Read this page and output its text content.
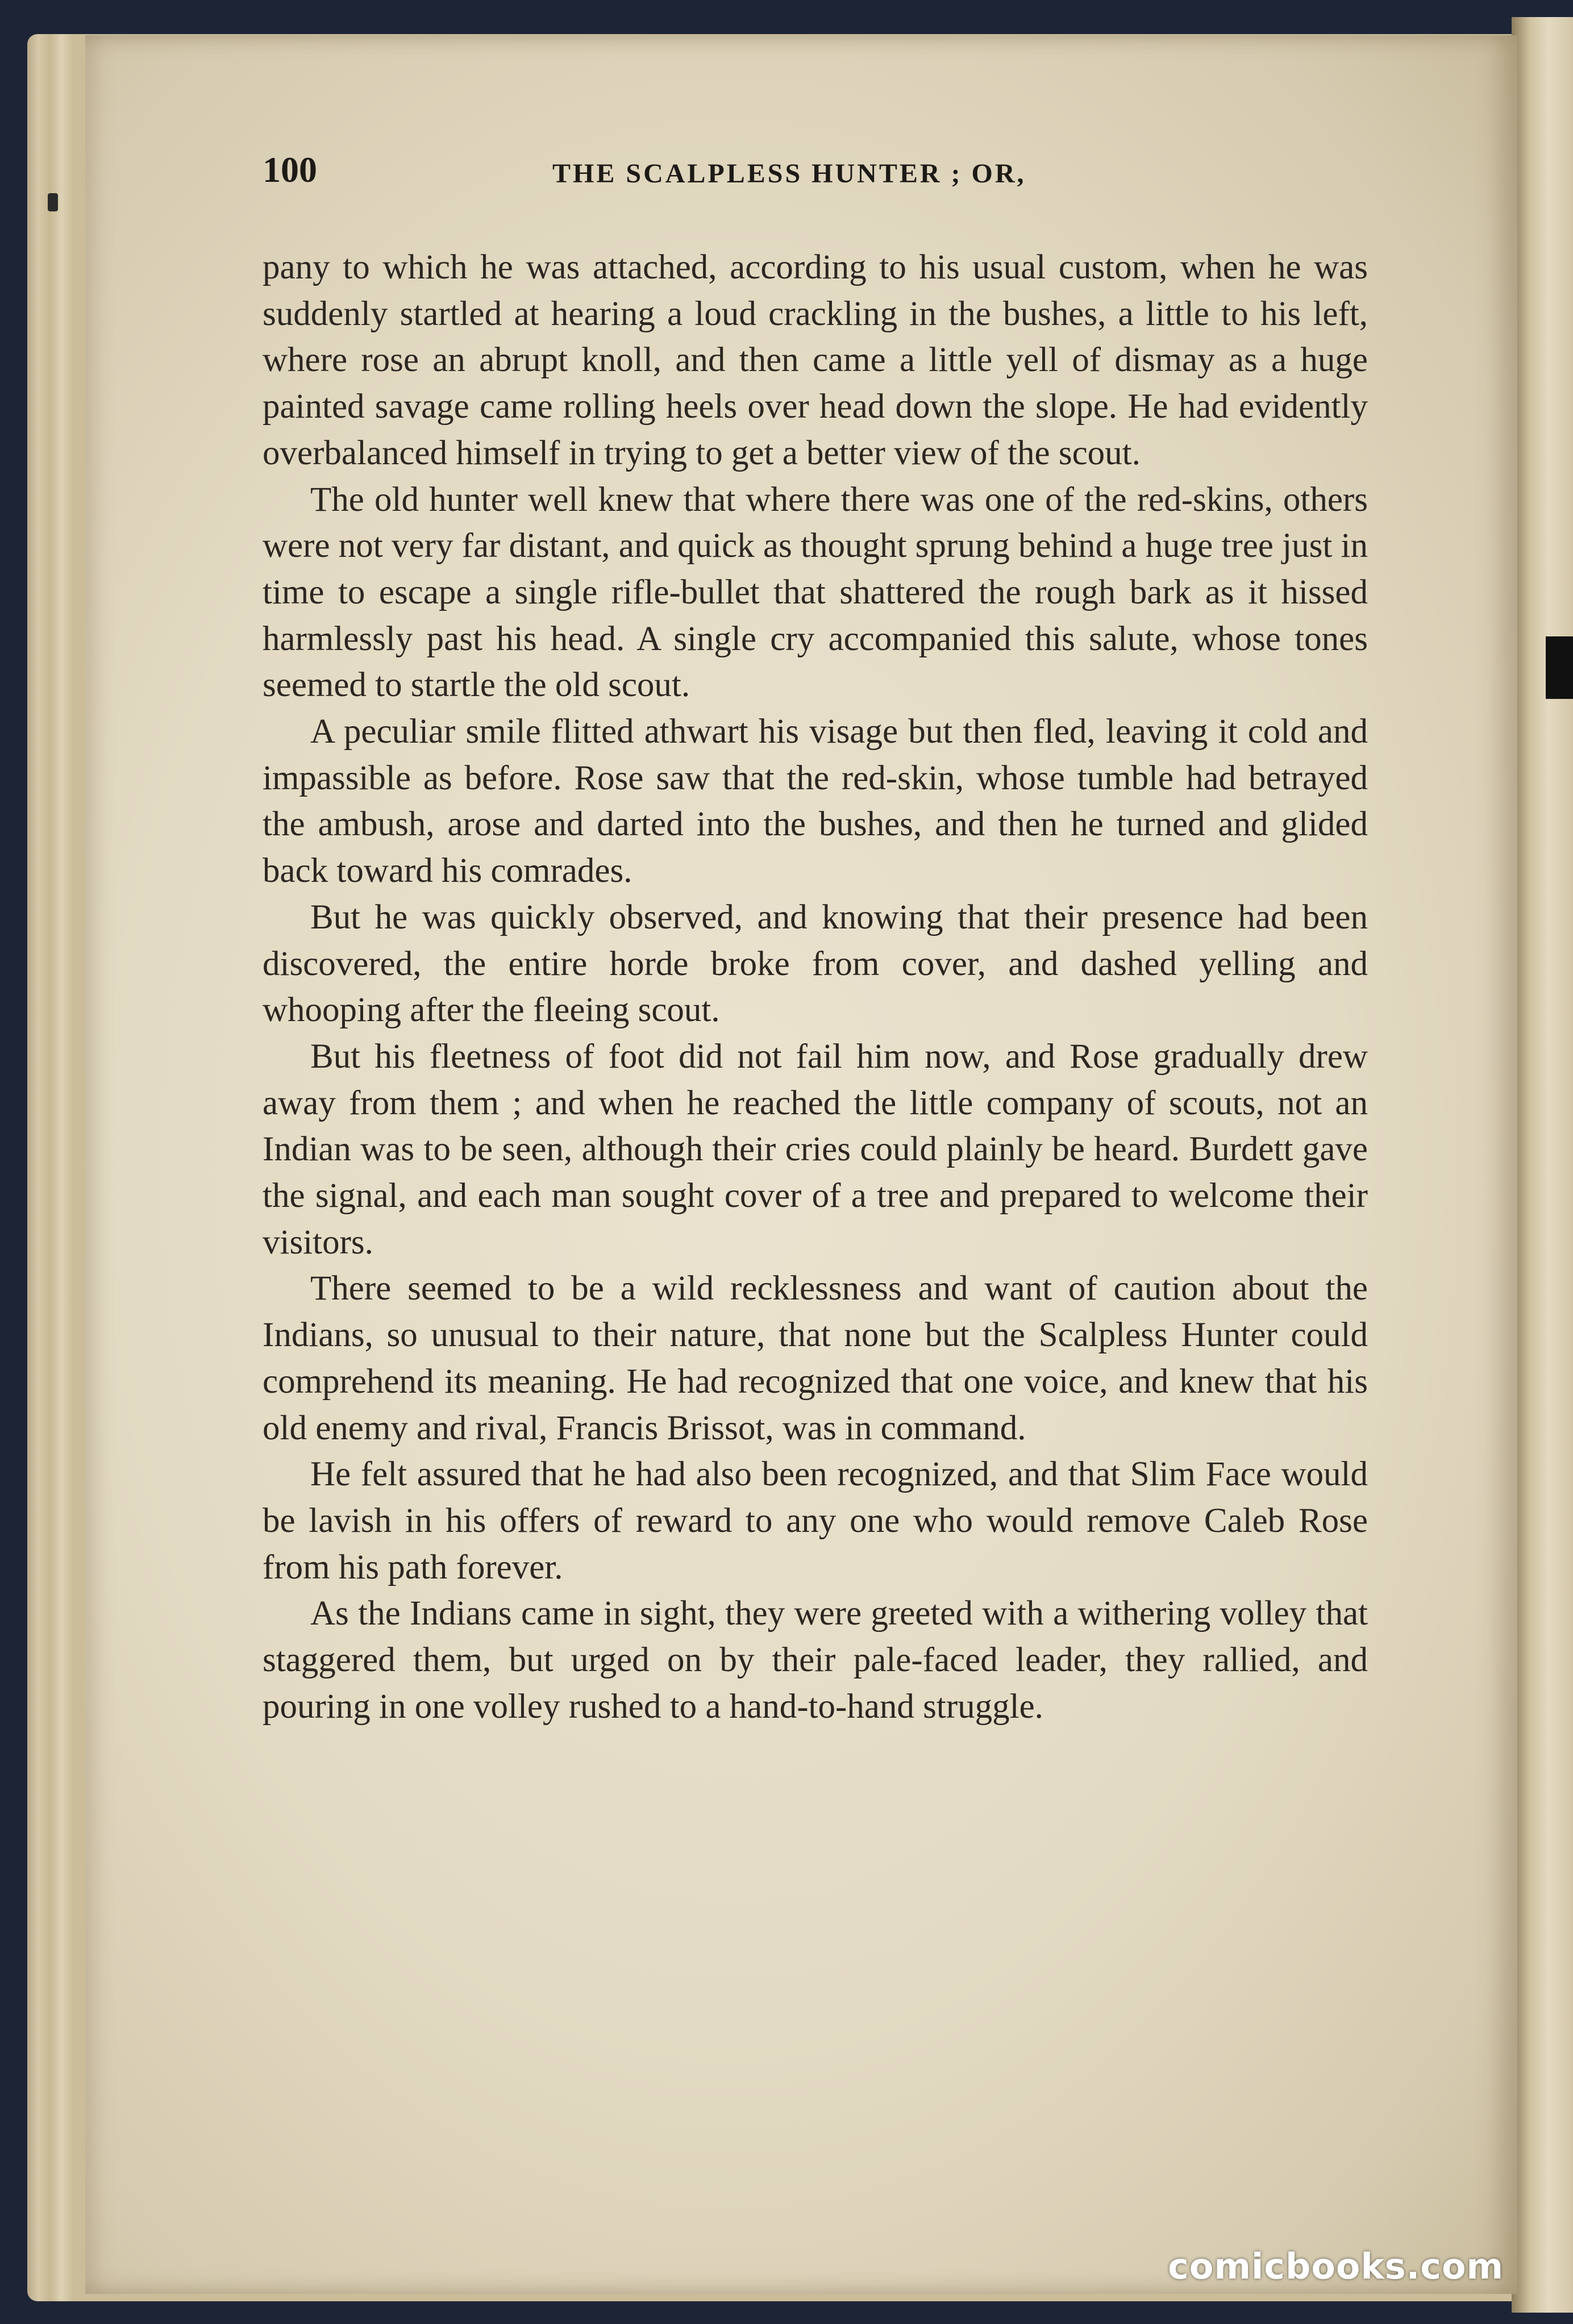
100	THE SCALPLESS HUNTER ; OR,

pany to which he was attached, according to his usual custom, when he was suddenly startled at hearing a loud crackling in the bushes, a little to his left, where rose an abrupt knoll, and then came a little yell of dismay as a huge painted savage came rolling heels over head down the slope. He had evidently overbalanced himself in trying to get a better view of the scout.

The old hunter well knew that where there was one of the red-skins, others were not very far distant, and quick as thought sprung behind a huge tree just in time to escape a single rifle-bullet that shattered the rough bark as it hissed harmlessly past his head. A single cry accompanied this salute, whose tones seemed to startle the old scout.

A peculiar smile flitted athwart his visage but then fled, leaving it cold and impassible as before. Rose saw that the red-skin, whose tumble had betrayed the ambush, arose and darted into the bushes, and then he turned and glided back toward his comrades.

But he was quickly observed, and knowing that their presence had been discovered, the entire horde broke from cover, and dashed yelling and whooping after the fleeing scout.

But his fleetness of foot did not fail him now, and Rose gradually drew away from them ; and when he reached the little company of scouts, not an Indian was to be seen, although their cries could plainly be heard. Burdett gave the signal, and each man sought cover of a tree and prepared to welcome their visitors.

There seemed to be a wild recklessness and want of caution about the Indians, so unusual to their nature, that none but the Scalpless Hunter could comprehend its meaning. He had recognized that one voice, and knew that his old enemy and rival, Francis Brissot, was in command.

He felt assured that he had also been recognized, and that Slim Face would be lavish in his offers of reward to any one who would remove Caleb Rose from his path forever.

As the Indians came in sight, they were greeted with a withering volley that staggered them, but urged on by their pale-faced leader, they rallied, and pouring in one volley rushed to a hand-to-hand struggle.

comicbooks.com
